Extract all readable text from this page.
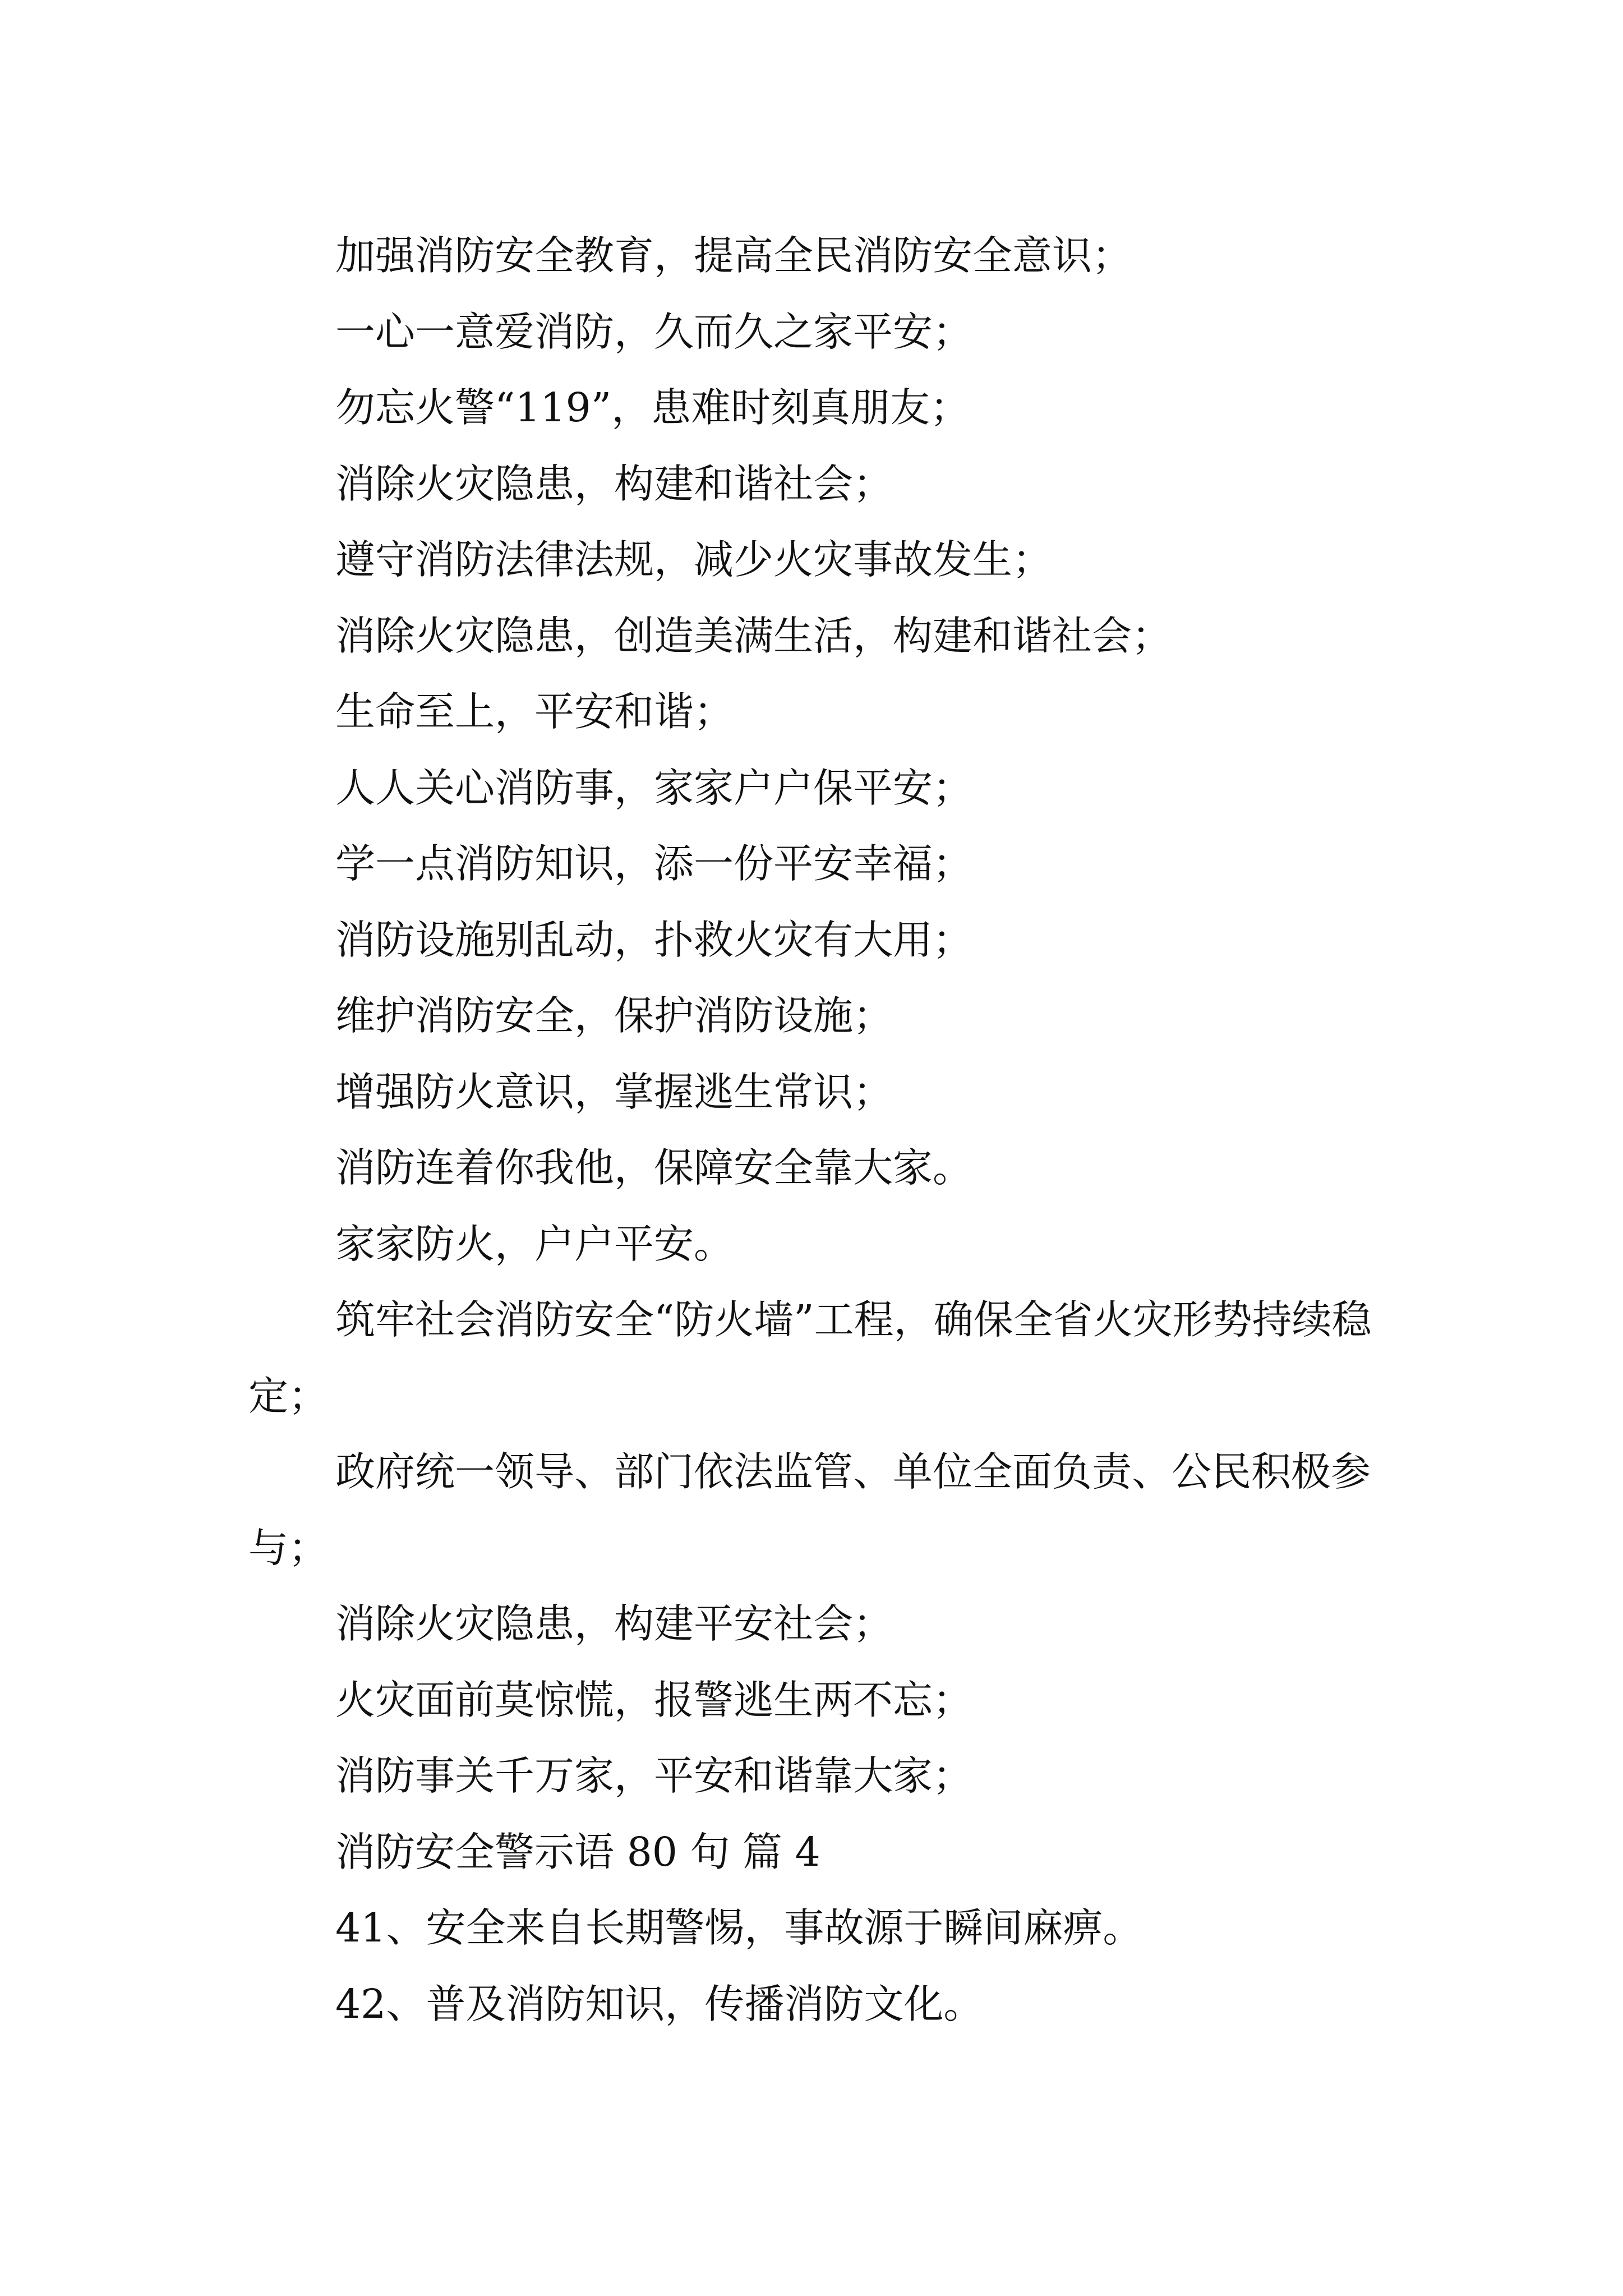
加强消防安全教育，提高全民消防安全意识；

一心一意爱消防，久而久之家平安；

勿忘火警“119”，患难时刻真朋友；

消除火灾隐患，构建和谐社会；

遵守消防法律法规，减少火灾事故发生；

消除火灾隐患，创造美满生活，构建和谐社会；

生命至上，平安和谐；

人人关心消防事，家家户户保平安；

学一点消防知识，添一份平安幸福；

消防设施别乱动，扑救火灾有大用；

维护消防安全，保护消防设施；

增强防火意识，掌握逃生常识；

消防连着你我他，保障安全靠大家。

家家防火，户户平安。

筑牢社会消防安全“防火墙”工程，确保全省火灾形势持续稳定；

政府统一领导、部门依法监管、单位全面负责、公民积极参与；

消除火灾隐患，构建平安社会；

火灾面前莫惊慌，报警逃生两不忘；

消防事关千万家，平安和谐靠大家；

消防安全警示语 80 句 篇 4

41、安全来自长期警惕，事故源于瞬间麻痹。

42、普及消防知识，传播消防文化。
